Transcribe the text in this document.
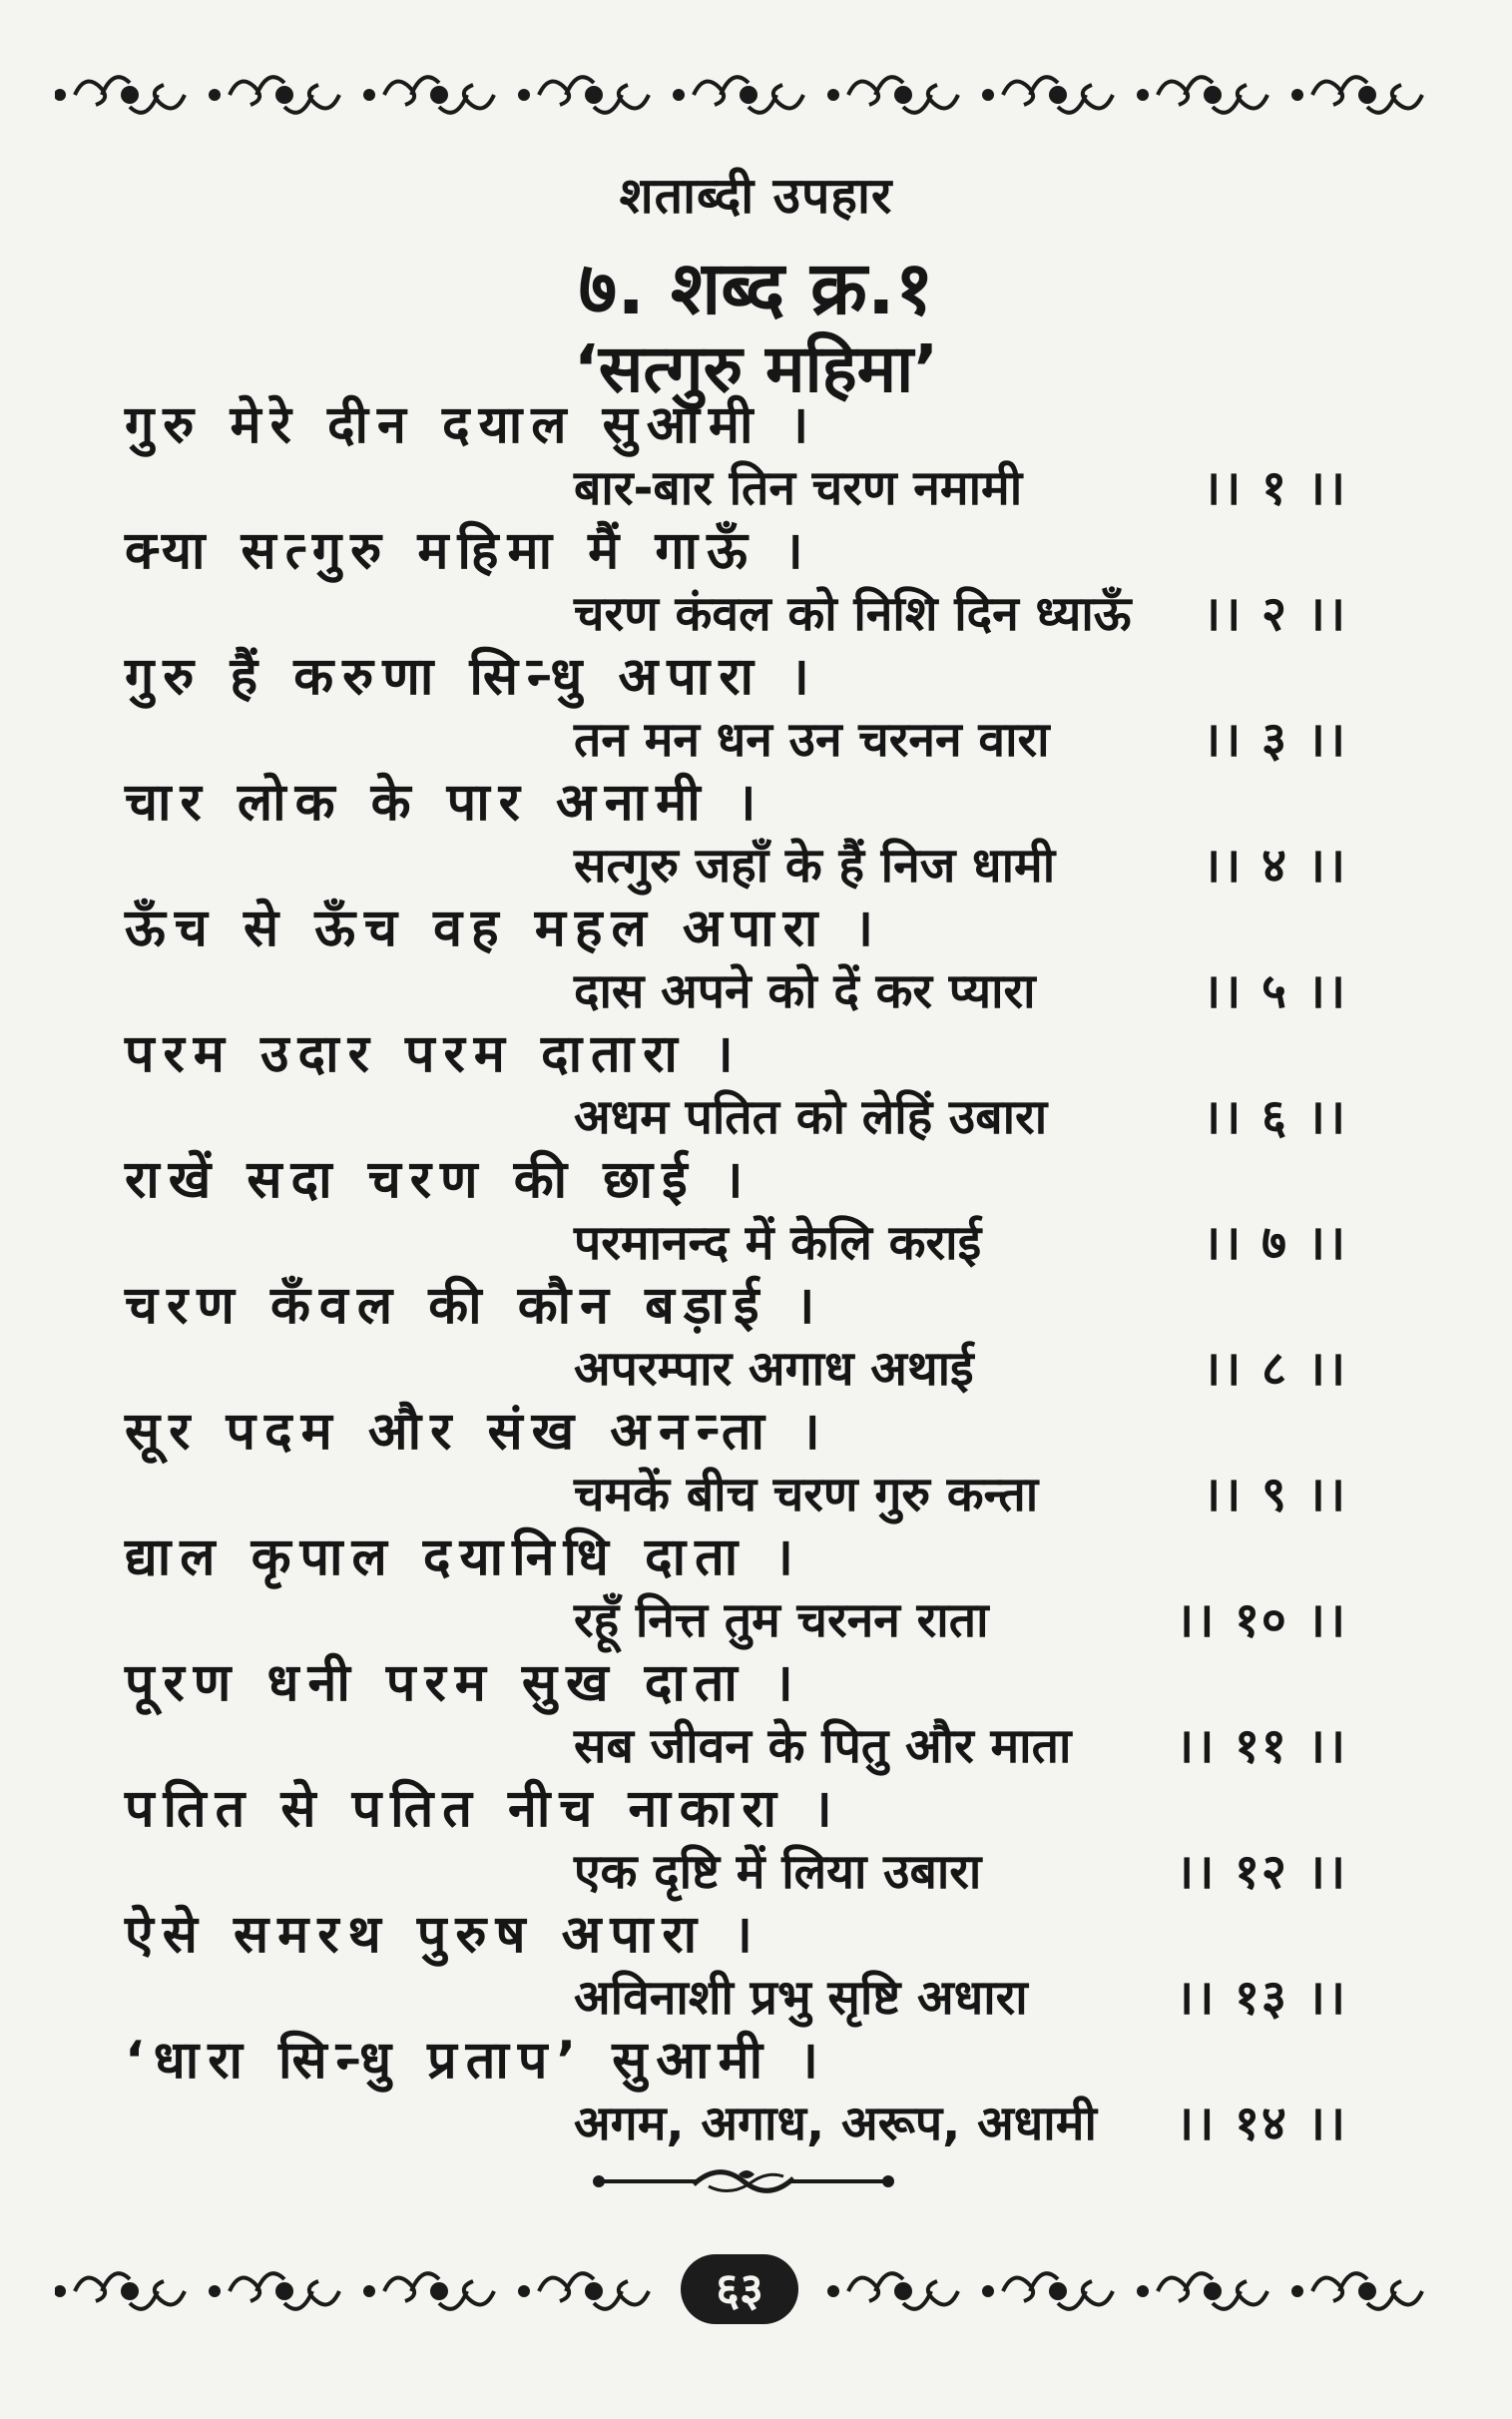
शताब्दी उपहार
७. शब्द क्र.१
‘सत्गुरु महिमा’
गुरु मेरे दीन दयाल सुआमी ।
बार-बार तिन चरण नमामी	।। १ ।।
क्या सत्गुरु महिमा मैं गाऊँ ।
चरण कंवल को निशि दिन ध्याऊँ ।। २ ।।
गुरु हैं करुणा सिन्धु अपारा ।
तन मन धन उन चरनन वारा	।। ३ ।।
चार लोक के पार अनामी ।
सत्गुरु जहाँ के हैं निज धामी	।। ४ ।।
ऊँच से ऊँच वह महल अपारा ।
दास अपने को दें कर प्यारा	।। ५ ।।
परम उदार परम दातारा ।
अधम पतित को लेहिं उबारा	।। ६ ।।
राखें सदा चरण की छाई ।
परमानन्द में केलि कराई	।। ७ ।।
चरण कँवल की कौन बड़ाई ।
अपरम्पार अगाध अथाई	।। ८ ।।
सूर पदम और संख अनन्ता ।
चमकें बीच चरण गुरु कन्ता	।। ९ ।।
द्याल कृपाल दयानिधि दाता ।
रहूँ नित्त तुम चरनन राता	।। १० ।।
पूरण धनी परम सुख दाता ।
सब जीवन के पितु और माता ।। ११ ।।
पतित से पतित नीच नाकारा ।
एक दृष्टि में लिया उबारा	।। १२ ।।
ऐसे समरथ पुरुष अपारा ।
अविनाशी प्रभु सृष्टि अधारा	।। १३ ।।
‘धारा सिन्धु प्रताप’ सुआमी ।
अगम, अगाध, अरूप, अधामी ।। १४ ।।
६३
